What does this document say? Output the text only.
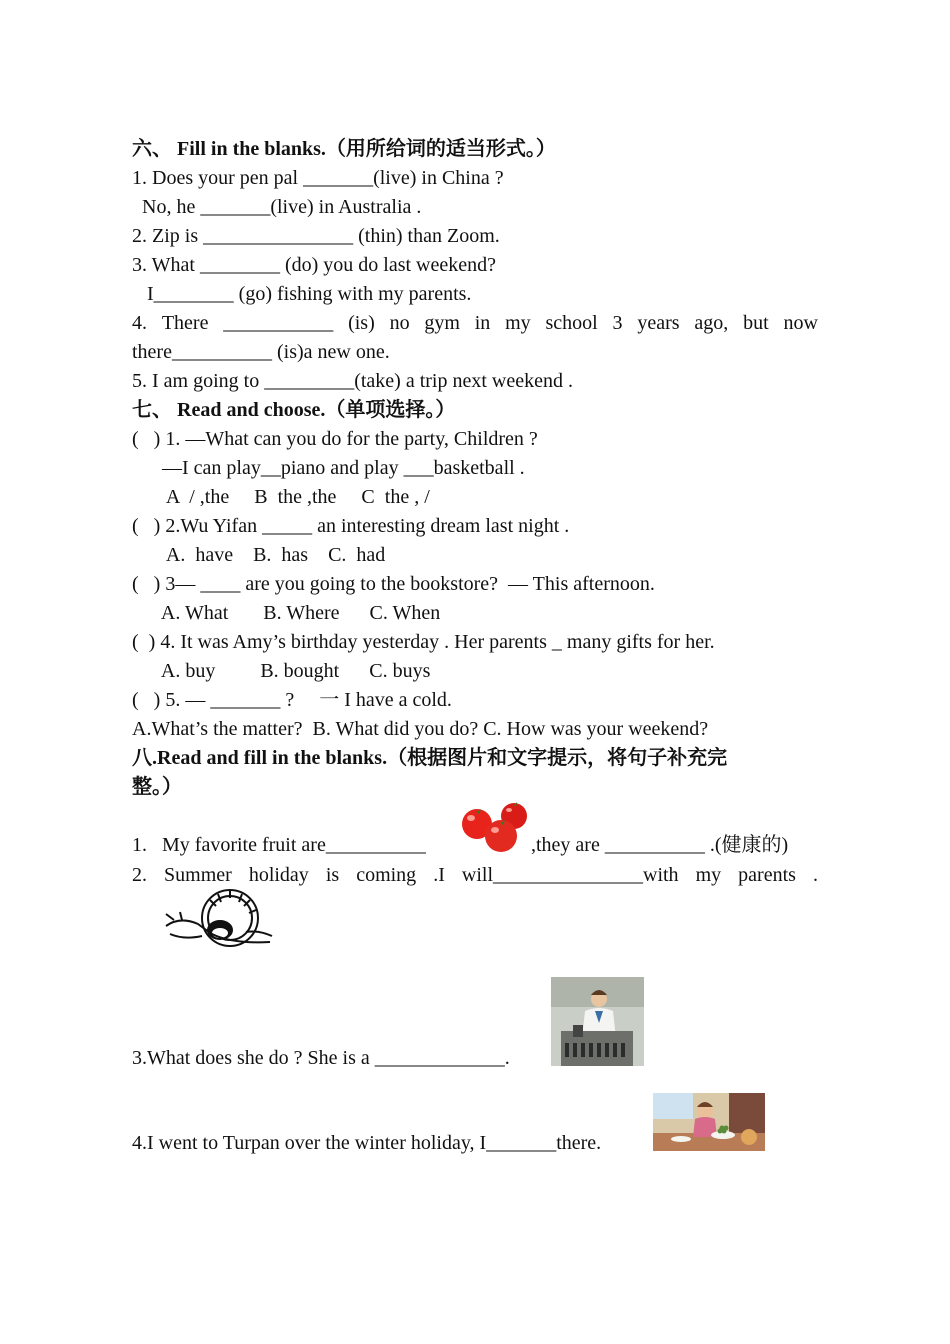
六、 Fill in the blanks.（用所给词的适当形式。）
1. Does your pen pal _______(live) in China ?
No, he _______(live) in Australia .
2. Zip is _______________ (thin) than Zoom.
3. What ________ (do) you do last weekend?
I________ (go) fishing with my parents.
4. There ___________ (is) no gym in my school 3 years ago, but now
there__________ (is)a new one.
5. I am going to _________(take) a trip next weekend .
七、 Read and choose.（单项选择。）
(   ) 1. —What can you do for the party, Children ?
—I can play__piano and play ___basketball .
A  / ,the     B  the ,the     C  the , /
(   ) 2.Wu Yifan _____ an interesting dream last night .
A.  have    B.  has    C.  had
(   ) 3— ____ are you going to the bookstore?  — This afternoon.
A. What       B. Where      C. When
(  ) 4. It was Amy’s birthday yesterday . Her parents _ many gifts for her.
A. buy         B. bought      C. buys
(   ) 5. — _______ ?     一 I have a cold.
A.What’s the matter?  B. What did you do? C. How was your weekend?
八.Read and fill in the blanks.（根据图片和文字提示，将句子补充完
整。）
1.   My favorite fruit are__________	,they are __________ .(健康的)
2. Summer holiday is coming .I will_______________with my parents .
3.What does she do ? She is a _____________.
4.I went to Turpan over the winter holiday, I_______there.
